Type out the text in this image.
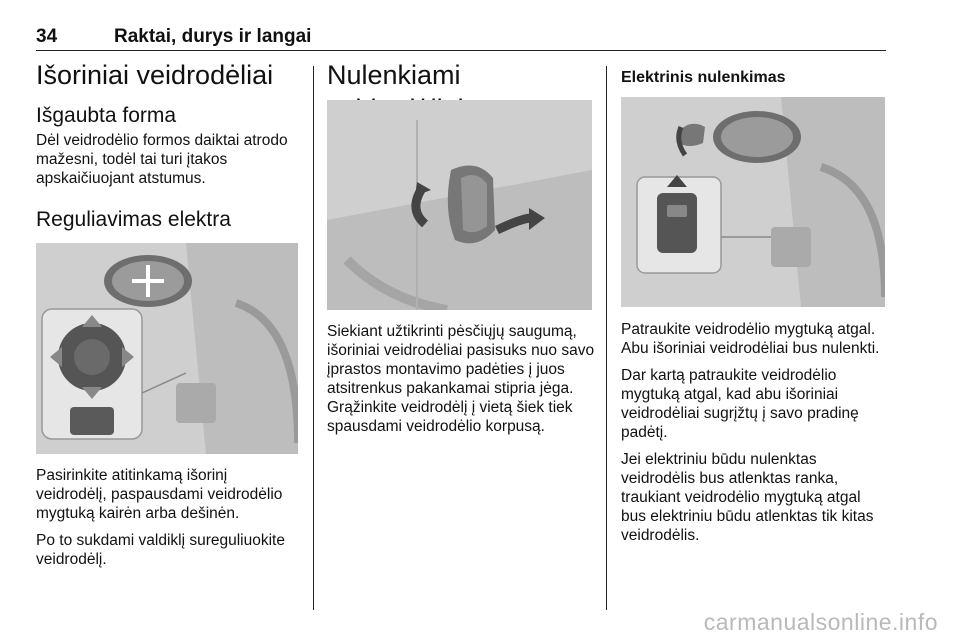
34	Raktai, durys ir langai
Išoriniai veidrodėliai
Išgaubta forma
Dėl veidrodėlio formos daiktai atrodo mažesni, todėl tai turi įtakos apskaičiuojant atstumus.
Reguliavimas elektra
Pasirinkite atitinkamą išorinį veidrodėlį, paspausdami veidrodėlio mygtuką kairėn arba dešinėn.
Po to sukdami valdiklį sureguliuokite veidrodėlį.
Nulenkiami
Siekiant užtikrinti pėsčiųjų saugumą, išoriniai veidrodėliai pasisuks nuo savo įprastos montavimo padėties į juos atsitrenkus pakankamai stipria jėga. Grąžinkite veidrodėlį į vietą šiek tiek spausdami veidrodėlio korpusą.
Elektrinis nulenkimas
Patraukite veidrodėlio mygtuką atgal. Abu išoriniai veidrodėliai bus nulenkti.
Dar kartą patraukite veidrodėlio mygtuką atgal, kad abu išoriniai veidrodėliai sugrįžtų į savo pradinę padėtį.
Jei elektriniu būdu nulenktas veidrodėlis bus atlenktas ranka, traukiant veidrodėlio mygtuką atgal bus elektriniu būdu atlenktas tik kitas veidrodėlis.
carmanualsonline.info
